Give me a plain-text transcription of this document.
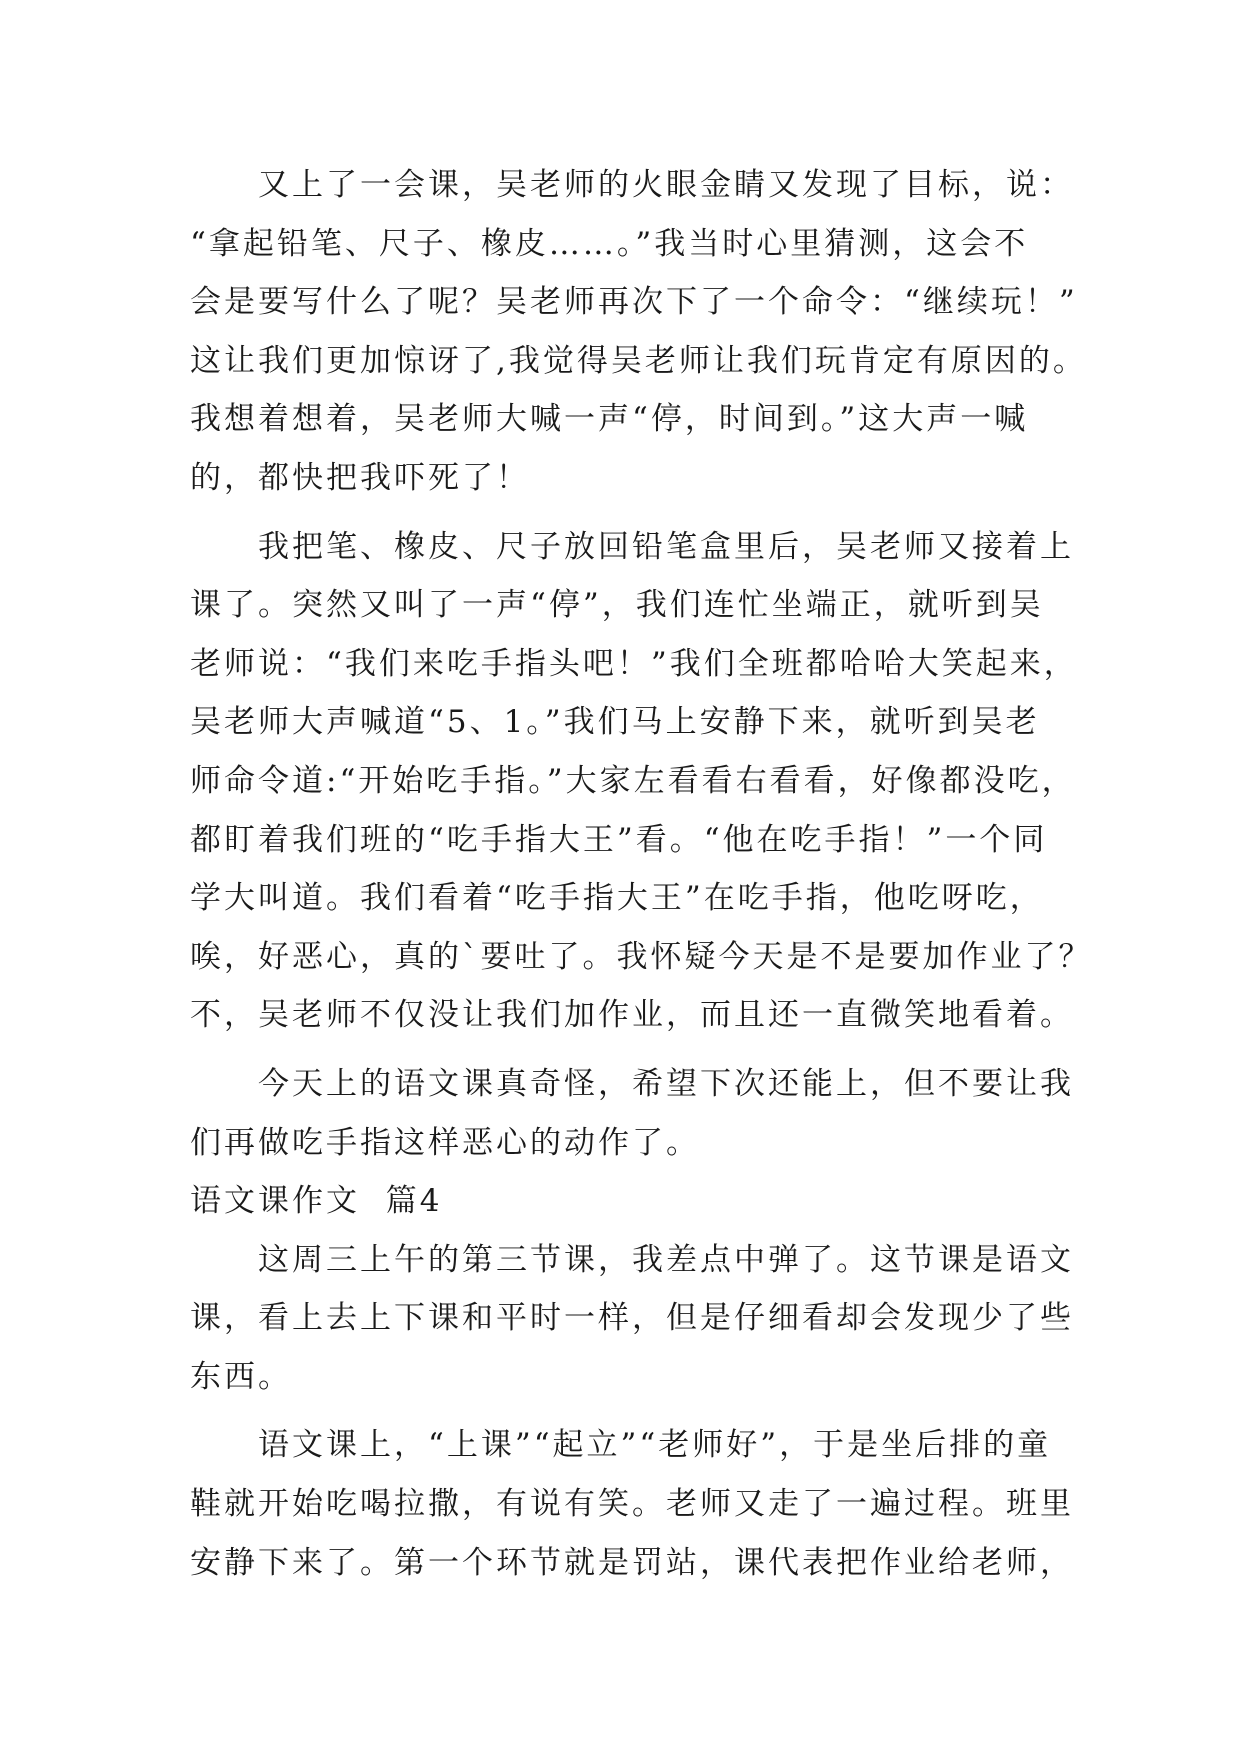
　　又上了一会课，吴老师的火眼金睛又发现了目标，说：
“拿起铅笔、尺子、橡皮……。”我当时心里猜测，这会不
会是要写什么了呢？吴老师再次下了一个命令：“继续玩！”
这让我们更加惊讶了,我觉得吴老师让我们玩肯定有原因的。
我想着想着，吴老师大喊一声“停，时间到。”这大声一喊
的，都快把我吓死了！
　　我把笔、橡皮、尺子放回铅笔盒里后，吴老师又接着上
课了。突然又叫了一声“停”，我们连忙坐端正，就听到吴
老师说：“我们来吃手指头吧！”我们全班都哈哈大笑起来，
吴老师大声喊道“5、1。”我们马上安静下来，就听到吴老
师命令道:“开始吃手指。”大家左看看右看看，好像都没吃，
都盯着我们班的“吃手指大王”看。“他在吃手指！”一个同
学大叫道。我们看着“吃手指大王”在吃手指，他吃呀吃，
唉，好恶心，真的`要吐了。我怀疑今天是不是要加作业了？
不，吴老师不仅没让我们加作业，而且还一直微笑地看着。
　　今天上的语文课真奇怪，希望下次还能上，但不要让我
们再做吃手指这样恶心的动作了。
语文课作文  篇4
　　这周三上午的第三节课，我差点中弹了。这节课是语文
课，看上去上下课和平时一样，但是仔细看却会发现少了些
东西。
　　语文课上，“上课”“起立”“老师好”，于是坐后排的童
鞋就开始吃喝拉撒，有说有笑。老师又走了一遍过程。班里
安静下来了。第一个环节就是罚站，课代表把作业给老师，
